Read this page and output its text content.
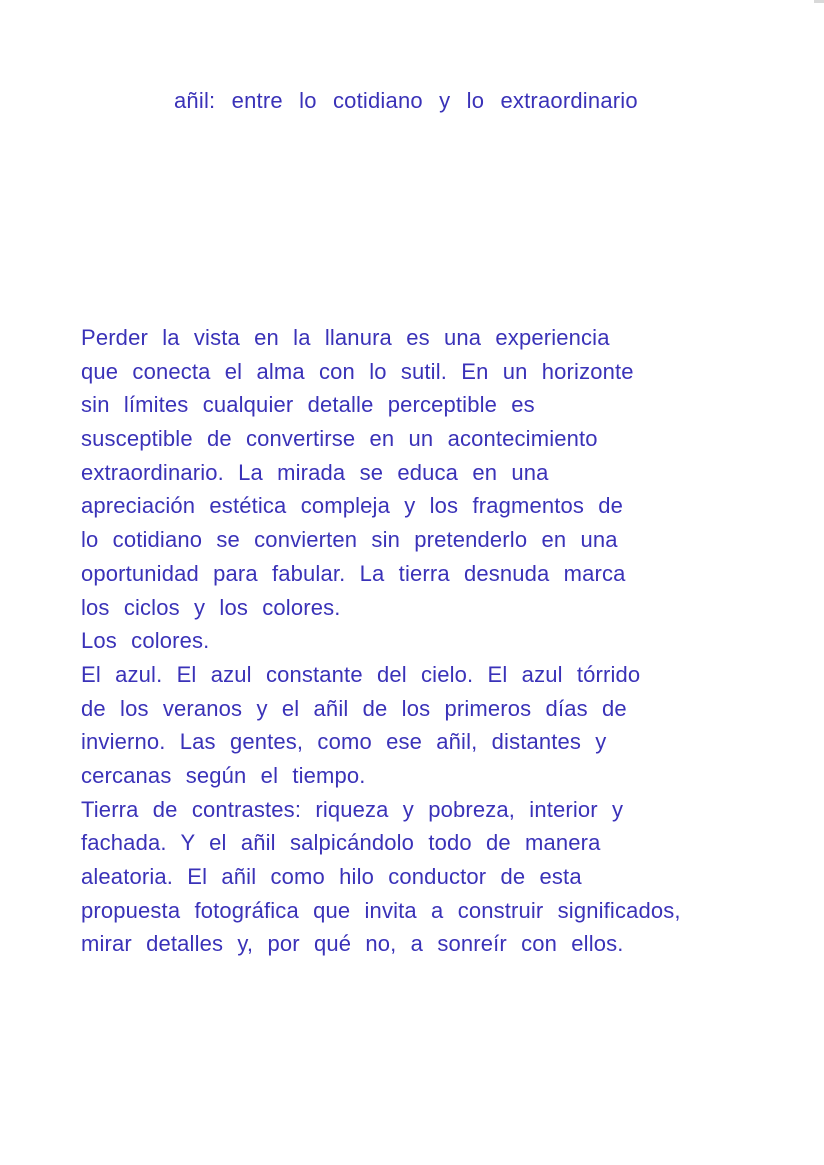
añil: entre lo cotidiano y lo extraordinario
Perder la vista en la llanura es una experiencia
que conecta el alma con lo sutil. En un horizonte
sin límites cualquier detalle perceptible es
susceptible de convertirse en un acontecimiento
extraordinario. La mirada se educa en una
apreciación estética compleja y los fragmentos de
lo cotidiano se convierten sin pretenderlo en una
oportunidad para fabular. La tierra desnuda marca
los ciclos y los colores.
Los colores.
El azul. El azul constante del cielo. El azul tórrido
de los veranos y el añil de los primeros días de
invierno. Las gentes, como ese añil, distantes y
cercanas según el tiempo.
Tierra de contrastes: riqueza y pobreza, interior y
fachada. Y el añil salpicándolo todo de manera
aleatoria. El añil como hilo conductor de esta
propuesta fotográfica que invita a construir significados,
mirar detalles y, por qué no, a sonreír con ellos.
